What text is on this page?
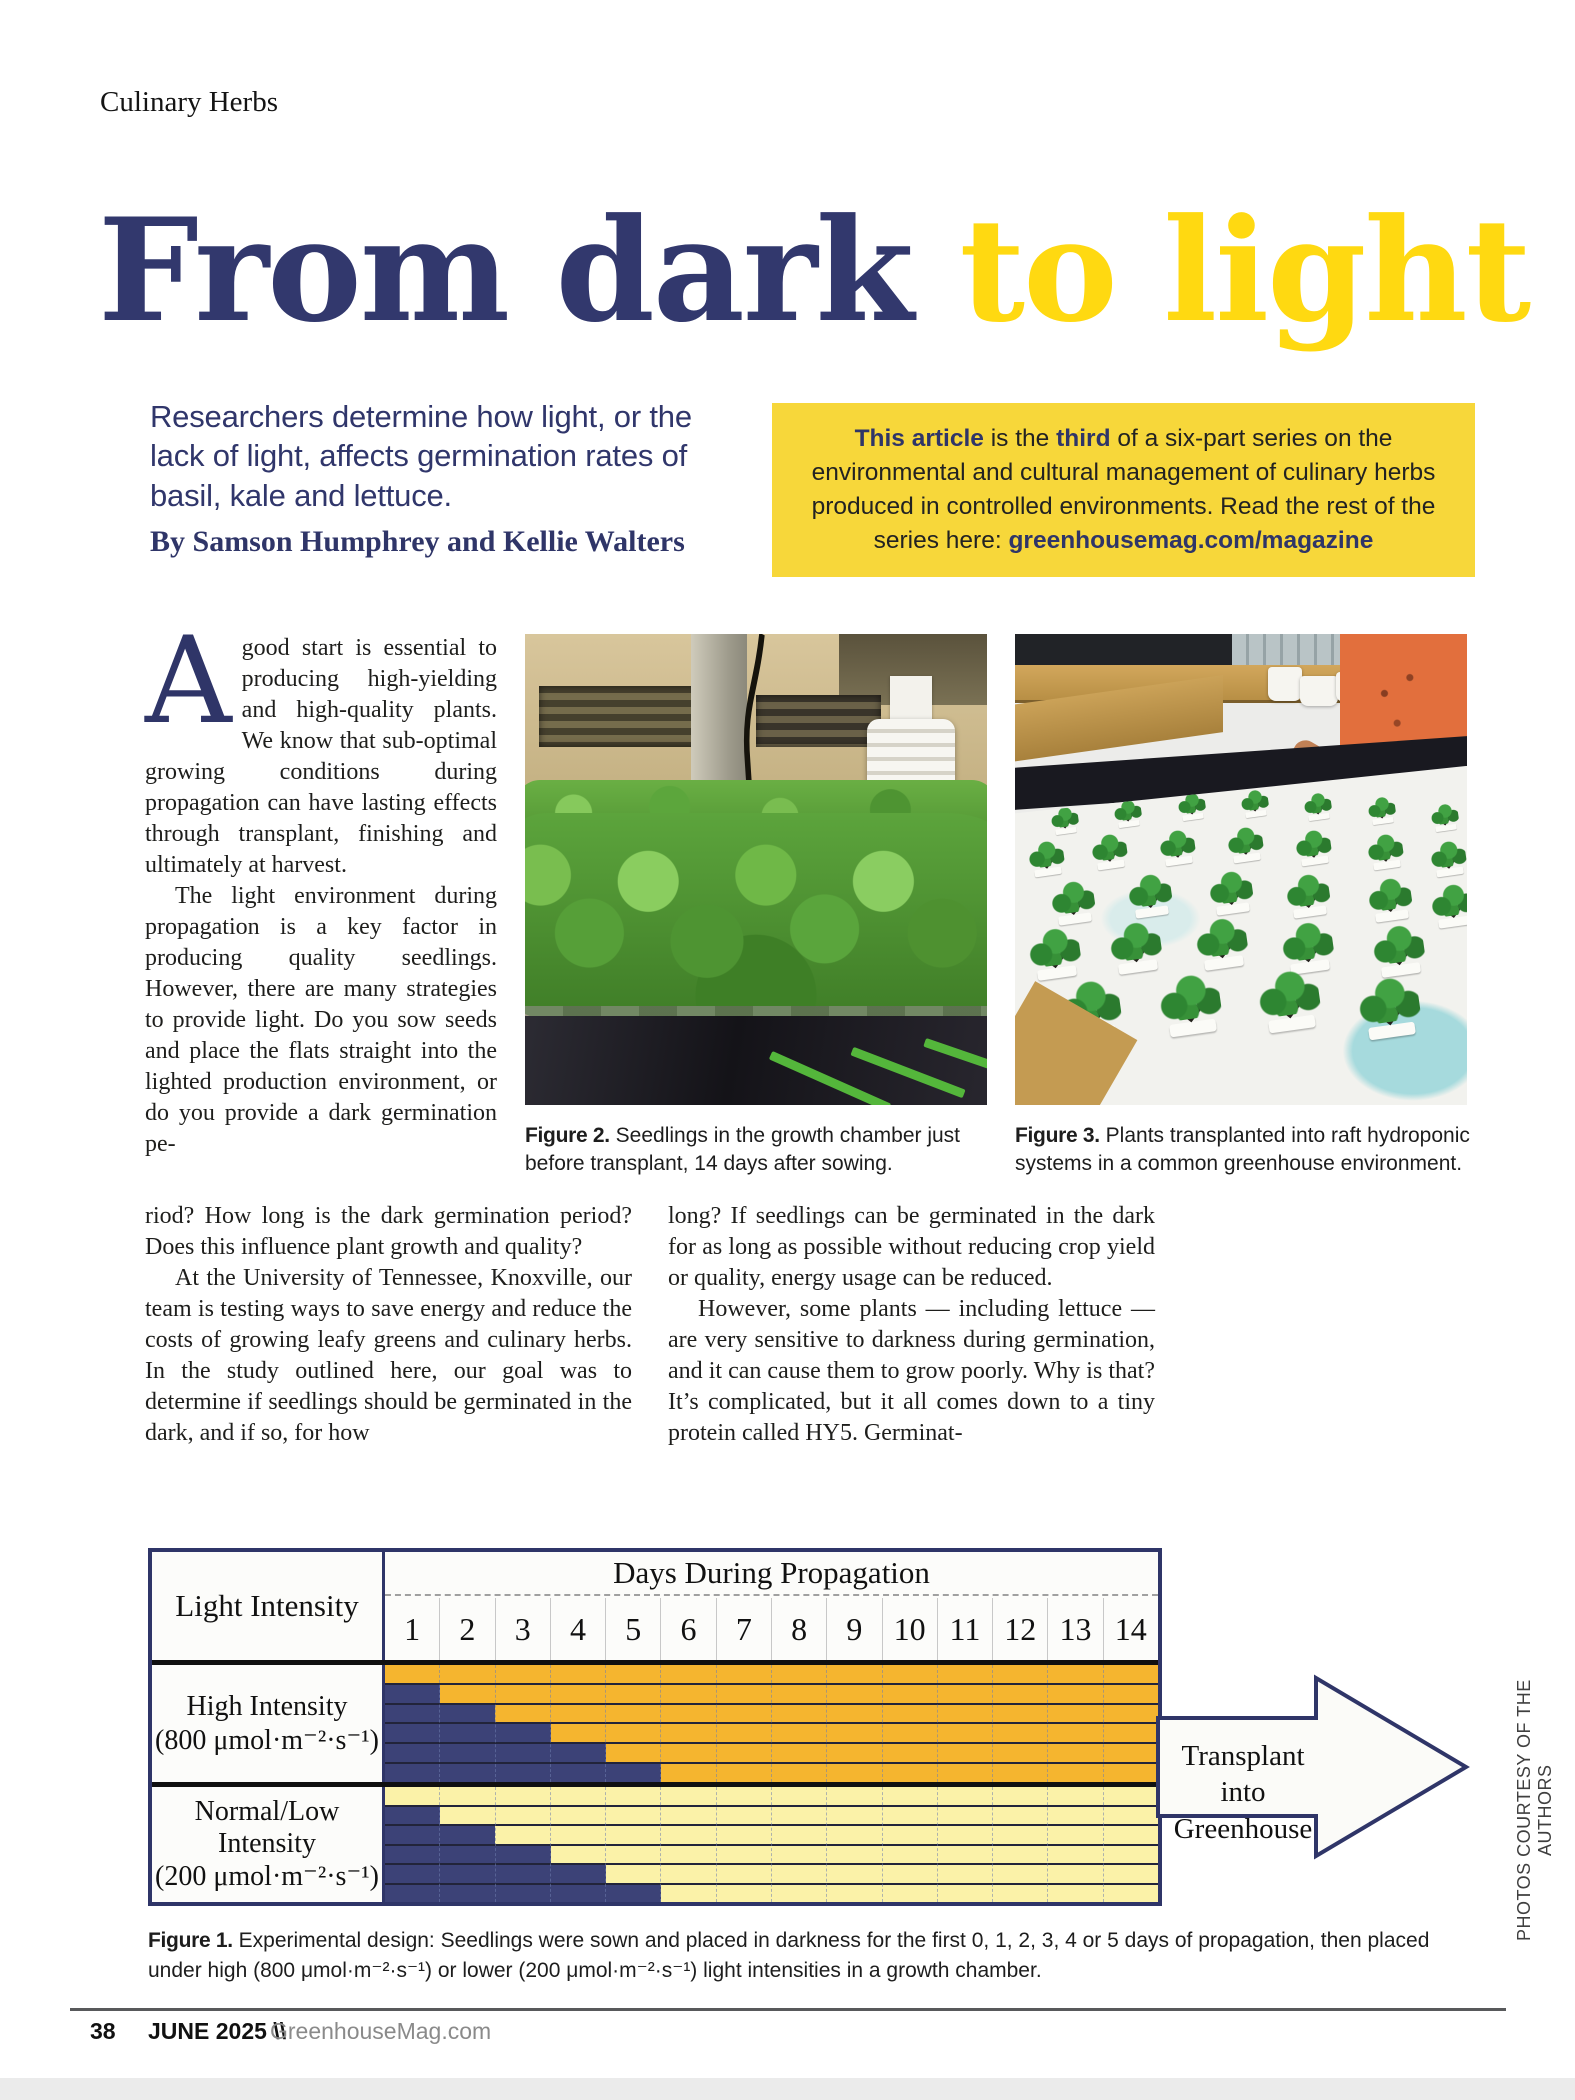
Culinary Herbs
From dark to light
Researchers determine how light, or the lack of light, affects germination rates of basil, kale and lettuce.

This article is the third of a six-part series on the environmental and cultural management of culinary herbs produced in controlled environments. Read the rest of the series here: greenhousemag.com/magazine

By Samson Humphrey and Kellie Walters

Agood start is essential to producing high-yielding and high-quality plants. We know that sub-optimal growing conditions during propagation can have lasting effects through transplant, finishing and ultimately at harvest.

The light environment during propagation is a key factor in producing quality seedlings. However, there are many strategies to provide light. Do you sow seeds and place the flats straight into the lighted production environment, or do you provide a dark germination pe-

riod? How long is the dark germination period? Does this influence plant growth and quality?

At the University of Tennessee, Knoxville, our team is testing ways to save energy and reduce the costs of growing leafy greens and culinary herbs. In the study outlined here, our goal was to determine if seedlings should be germinated in the dark, and if so, for how

long? If seedlings can be germinated in the dark for as long as possible without reducing crop yield or quality, energy usage can be reduced.

However, some plants — including lettuce — are very sensitive to darkness during germination, and it can cause them to grow poorly. Why is that? It’s complicated, but it all comes down to a tiny protein called HY5. Germinat-

Figure 2. Seedlings in the growth chamber just before transplant, 14 days after sowing.
Figure 3. Plants transplanted into raft hydroponic systems in a common greenhouse environment.
Light Intensity
Days During Propagation
1	2	3	4	5	6	7	8	9 10 11 12 13 14
High Intensity
(800 μmol·m⁻²·s⁻¹)
Normal/Low
Intensity
(200 μmol·m⁻²·s⁻¹)
Transplant into
Greenhouse
Figure 1. Experimental design: Seedlings were sown and placed in darkness for the first 0, 1, 2, 3, 4 or 5 days of propagation, then placed under high (800 μmol·m⁻²·s⁻¹) or lower (200 μmol·m⁻²·s⁻¹) light intensities in a growth chamber.
PHOTOS COURTESY OF THE AUTHORS
38 JUNE 2025 \\
GreenhouseMag.com
